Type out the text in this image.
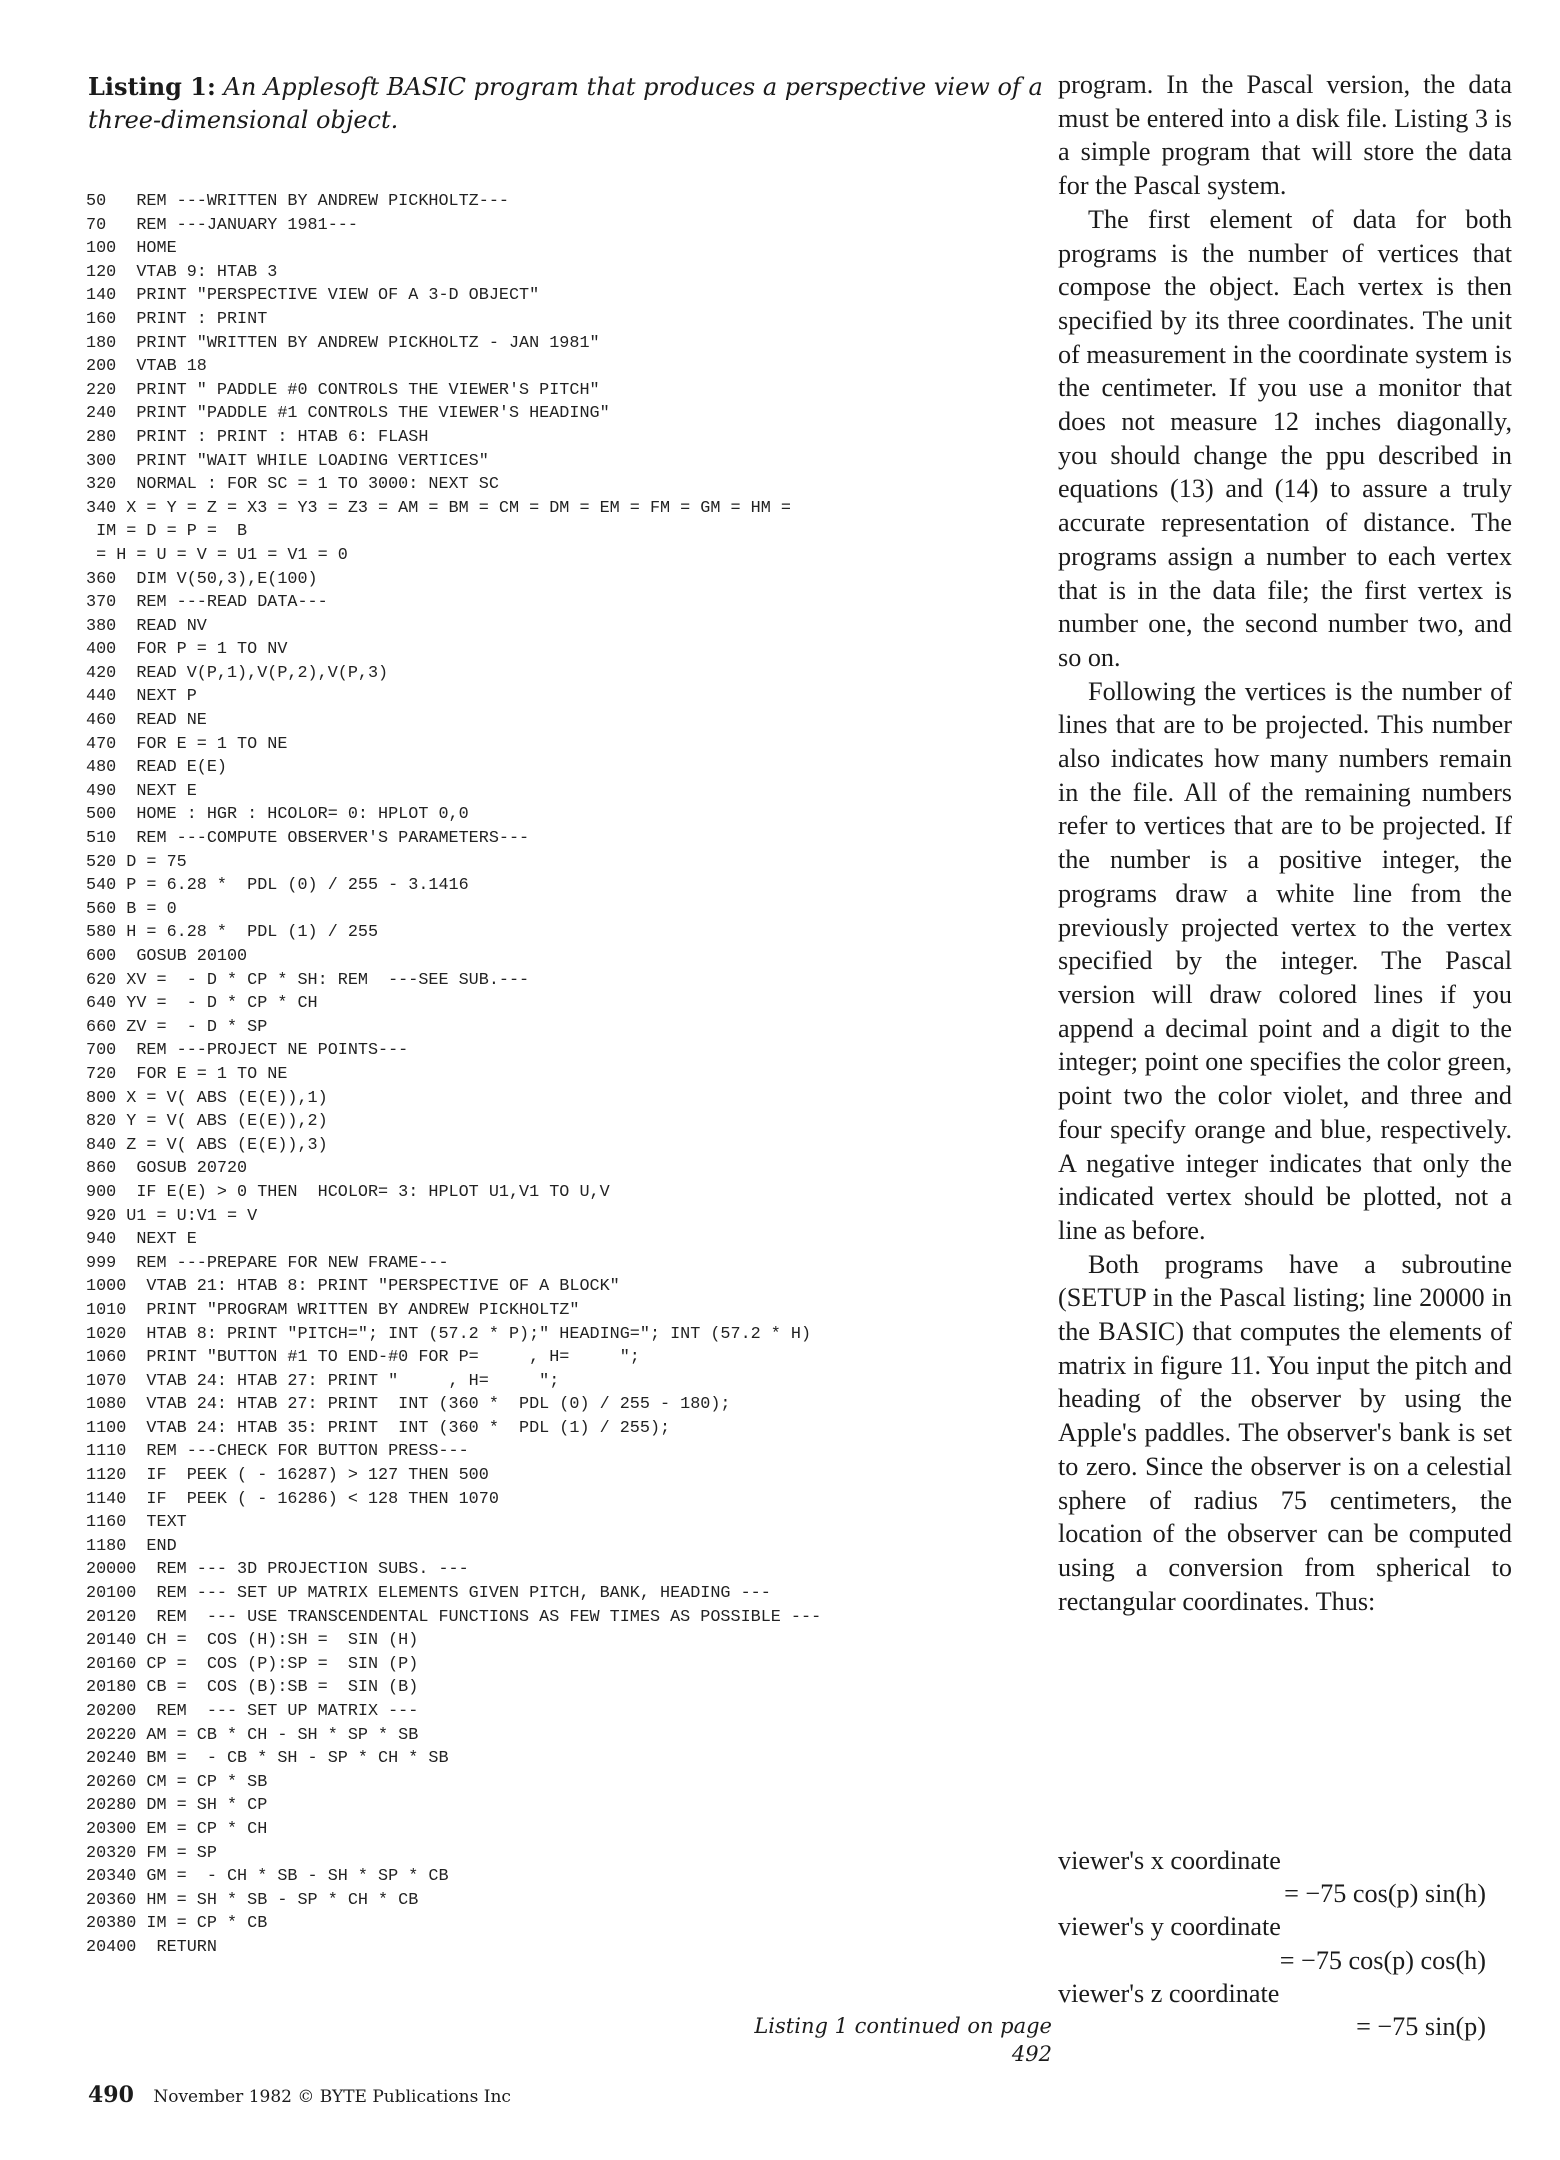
Listing 1: An Applesoft BASIC program that produces a perspective view of a three-dimensional object.
50   REM ---WRITTEN BY ANDREW PICKHOLTZ---
70   REM ---JANUARY 1981---
100  HOME
120  VTAB 9: HTAB 3
140  PRINT "PERSPECTIVE VIEW OF A 3-D OBJECT"
160  PRINT : PRINT
180  PRINT "WRITTEN BY ANDREW PICKHOLTZ - JAN 1981"
200  VTAB 18
220  PRINT " PADDLE #0 CONTROLS THE VIEWER'S PITCH"
240  PRINT "PADDLE #1 CONTROLS THE VIEWER'S HEADING"
280  PRINT : PRINT : HTAB 6: FLASH
300  PRINT "WAIT WHILE LOADING VERTICES"
320  NORMAL : FOR SC = 1 TO 3000: NEXT SC
340 X = Y = Z = X3 = Y3 = Z3 = AM = BM = CM = DM = EM = FM = GM = HM =
IM = D = P =  B
= H = U = V = U1 = V1 = 0
360  DIM V(50,3),E(100)
370  REM ---READ DATA---
380  READ NV
400  FOR P = 1 TO NV
420  READ V(P,1),V(P,2),V(P,3)
440  NEXT P
460  READ NE
470  FOR E = 1 TO NE
480  READ E(E)
490  NEXT E
500  HOME : HGR : HCOLOR= 0: HPLOT 0,0
510  REM ---COMPUTE OBSERVER'S PARAMETERS---
520 D = 75
540 P = 6.28 *  PDL (0) / 255 - 3.1416
560 B = 0
580 H = 6.28 *  PDL (1) / 255
600  GOSUB 20100
620 XV =  - D * CP * SH: REM  ---SEE SUB.---
640 YV =  - D * CP * CH
660 ZV =  - D * SP
700  REM ---PROJECT NE POINTS---
720  FOR E = 1 TO NE
800 X = V( ABS (E(E)),1)
820 Y = V( ABS (E(E)),2)
840 Z = V( ABS (E(E)),3)
860  GOSUB 20720
900  IF E(E) > 0 THEN  HCOLOR= 3: HPLOT U1,V1 TO U,V
920 U1 = U:V1 = V
940  NEXT E
999  REM ---PREPARE FOR NEW FRAME---
1000  VTAB 21: HTAB 8: PRINT "PERSPECTIVE OF A BLOCK"
1010  PRINT "PROGRAM WRITTEN BY ANDREW PICKHOLTZ"
1020  HTAB 8: PRINT "PITCH="; INT (57.2 * P);" HEADING="; INT (57.2 * H)
1060  PRINT "BUTTON #1 TO END-#0 FOR P=     , H=     ";
1070  VTAB 24: HTAB 27: PRINT "     , H=     ";
1080  VTAB 24: HTAB 27: PRINT  INT (360 *  PDL (0) / 255 - 180);
1100  VTAB 24: HTAB 35: PRINT  INT (360 *  PDL (1) / 255);
1110  REM ---CHECK FOR BUTTON PRESS---
1120  IF  PEEK ( - 16287) > 127 THEN 500
1140  IF  PEEK ( - 16286) < 128 THEN 1070
1160  TEXT
1180  END
20000  REM --- 3D PROJECTION SUBS. ---
20100  REM --- SET UP MATRIX ELEMENTS GIVEN PITCH, BANK, HEADING ---
20120  REM  --- USE TRANSCENDENTAL FUNCTIONS AS FEW TIMES AS POSSIBLE ---
20140 CH =  COS (H):SH =  SIN (H)
20160 CP =  COS (P):SP =  SIN (P)
20180 CB =  COS (B):SB =  SIN (B)
20200  REM  --- SET UP MATRIX ---
20220 AM = CB * CH - SH * SP * SB
20240 BM =  - CB * SH - SP * CH * SB
20260 CM = CP * SB
20280 DM = SH * CP
20300 EM = CP * CH
20320 FM = SP
20340 GM =  - CH * SB - SH * SP * CB
20360 HM = SH * SB - SP * CH * CB
20380 IM = CP * CB
20400  RETURN
Listing 1 continued on page 492
490 November 1982 © BYTE Publications Inc

program. In the Pascal version, the data must be entered into a disk file. Listing 3 is a simple program that will store the data for the Pascal system.

The first element of data for both programs is the number of vertices that compose the object. Each vertex is then specified by its three coordinates. The unit of measurement in the coordinate system is the centimeter. If you use a monitor that does not measure 12 inches diagonally, you should change the ppu described in equations (13) and (14) to assure a truly accurate representation of distance. The programs assign a number to each vertex that is in the data file; the first vertex is number one, the second number two, and so on.

Following the vertices is the number of lines that are to be projected. This number also indicates how many numbers remain in the file. All of the remaining numbers refer to vertices that are to be projected. If the number is a positive integer, the programs draw a white line from the previously projected vertex to the vertex specified by the integer. The Pascal version will draw colored lines if you append a decimal point and a digit to the integer; point one specifies the color green, point two the color violet, and three and four specify orange and blue, respectively. A negative integer indicates that only the indicated vertex should be plotted, not a line as before.

Both programs have a subroutine (SETUP in the Pascal listing; line 20000 in the BASIC) that computes the elements of matrix in figure 11. You input the pitch and heading of the observer by using the Apple's paddles. The observer's bank is set to zero. Since the observer is on a celestial sphere of radius 75 centimeters, the location of the observer can be computed using a conversion from spherical to rectangular coordinates. Thus:

viewer's x coordinate
= −75 cos(p) sin(h)
viewer's y coordinate
= −75 cos(p) cos(h)
viewer's z coordinate
= −75 sin(p)
